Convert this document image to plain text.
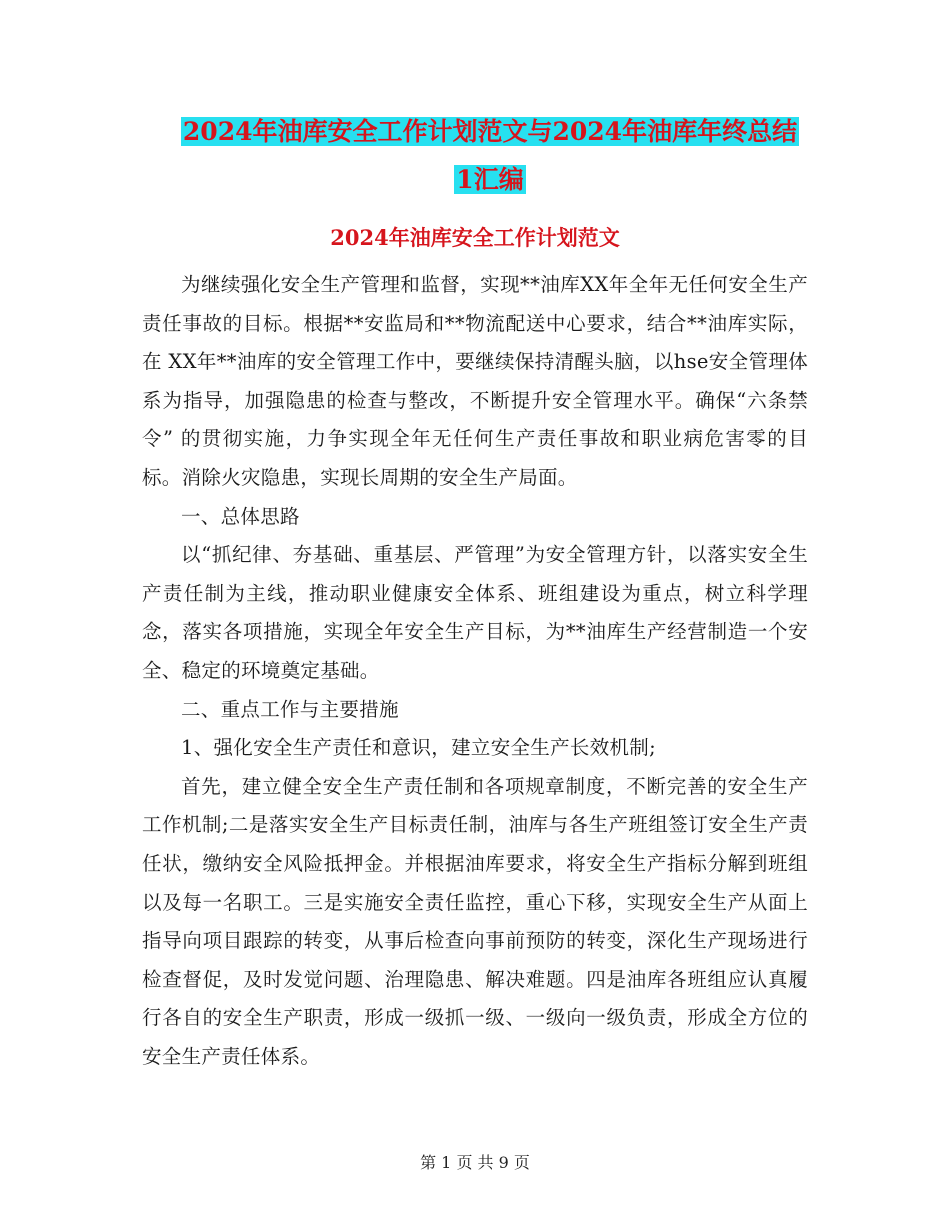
2024年油库安全工作计划范文与2024年油库年终总结
1汇编
2024年油库安全工作计划范文

为继续强化安全生产管理和监督，实现**油库XX年全年无任何安全生产责任事故的目标。根据**安监局和**物流配送中心要求，结合**油库实际，在 XX年**油库的安全管理工作中，要继续保持清醒头脑，以hse安全管理体系为指导，加强隐患的检查与整改，不断提升安全管理水平。确保“六条禁令” 的贯彻实施，力争实现全年无任何生产责任事故和职业病危害零的目标。消除火灾隐患，实现长周期的安全生产局面。

一、总体思路

以“抓纪律、夯基础、重基层、严管理”为安全管理方针，以落实安全生产责任制为主线，推动职业健康安全体系、班组建设为重点，树立科学理念，落实各项措施，实现全年安全生产目标，为**油库生产经营制造一个安全、稳定的环境奠定基础。

二、重点工作与主要措施

1、强化安全生产责任和意识，建立安全生产长效机制;

首先，建立健全安全生产责任制和各项规章制度，不断完善的安全生产工作机制;二是落实安全生产目标责任制，油库与各生产班组签订安全生产责任状，缴纳安全风险抵押金。并根据油库要求，将安全生产指标分解到班组以及每一名职工。三是实施安全责任监控，重心下移，实现安全生产从面上指导向项目跟踪的转变，从事后检查向事前预防的转变，深化生产现场进行检查督促，及时发觉问题、治理隐患、解决难题。四是油库各班组应认真履行各自的安全生产职责，形成一级抓一级、一级向一级负责，形成全方位的安全生产责任体系。

第 1 页 共 9 页
